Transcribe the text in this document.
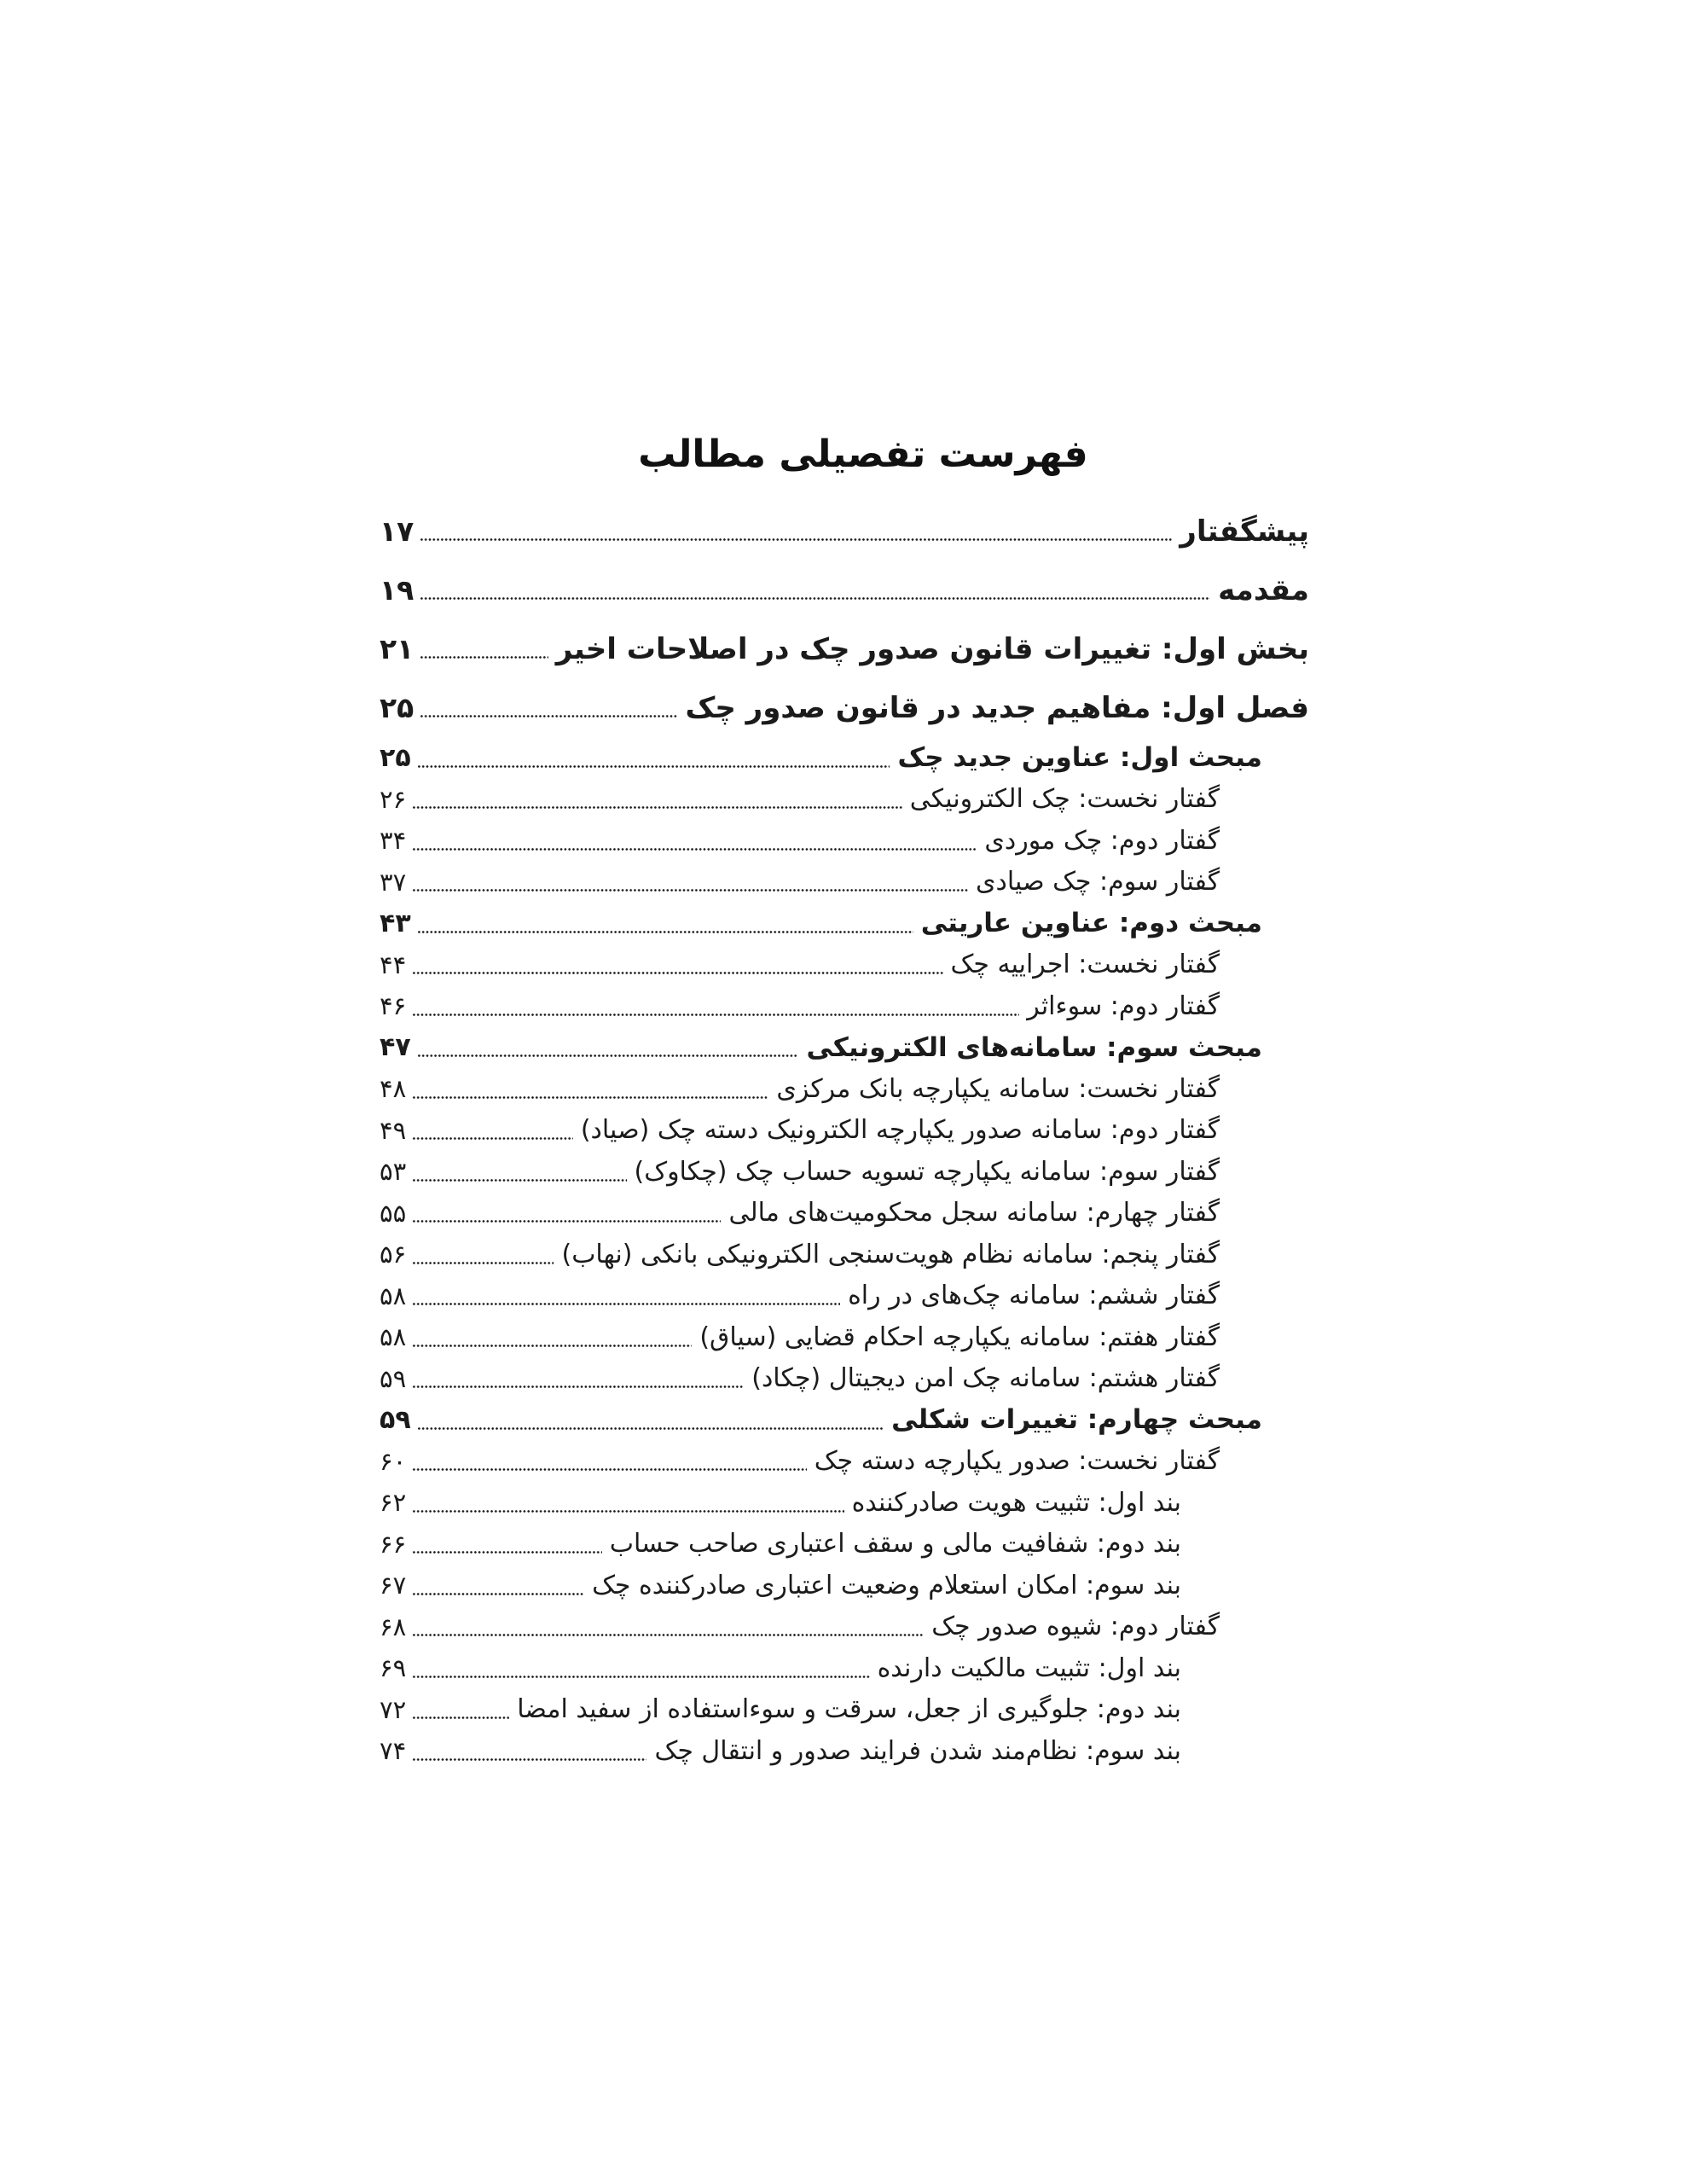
فهرست تفصیلی مطالب
پیشگفتار
۱۷
مقدمه
۱۹
بخش اول: تغییرات قانون صدور چک در اصلاحات اخیر
۲۱
فصل اول: مفاهیم جدید در قانون صدور چک
۲۵
مبحث اول: عناوین جدید چک
۲۵
گفتار نخست: چک الکترونیکی
۲۶
گفتار دوم: چک موردی
۳۴
گفتار سوم: چک صیادی
۳۷
مبحث دوم: عناوین عاریتی
۴۳
گفتار نخست: اجراییه چک
۴۴
گفتار دوم: سوءاثر
۴۶
مبحث سوم: سامانه‌های الکترونیکی
۴۷
گفتار نخست: سامانه یکپارچه بانک مرکزی
۴۸
گفتار دوم: سامانه صدور یکپارچه الکترونیک دسته چک (صیاد)
۴۹
گفتار سوم: سامانه یکپارچه تسویه حساب چک (چکاوک)
۵۳
گفتار چهارم: سامانه سجل محکومیت‌های مالی
۵۵
گفتار پنجم: سامانه نظام هویت‌سنجی الکترونیکی بانکی (نهاب)
۵۶
گفتار ششم: سامانه چک‌های در راه
۵۸
گفتار هفتم: سامانه یکپارچه احکام قضایی (سیاق)
۵۸
گفتار هشتم: سامانه چک امن دیجیتال (چکاد)
۵۹
مبحث چهارم: تغییرات شکلی
۵۹
گفتار نخست: صدور یکپارچه دسته چک
۶۰
بند اول: تثبیت هویت صادرکننده
۶۲
بند دوم: شفافیت مالی و سقف اعتباری صاحب حساب
۶۶
بند سوم: امکان استعلام وضعیت اعتباری صادرکننده چک
۶۷
گفتار دوم: شیوه صدور چک
۶۸
بند اول: تثبیت مالکیت دارنده
۶۹
بند دوم: جلوگیری از جعل، سرقت و سوءاستفاده از سفید امضا
۷۲
بند سوم: نظام‌مند شدن فرایند صدور و انتقال چک
۷۴
